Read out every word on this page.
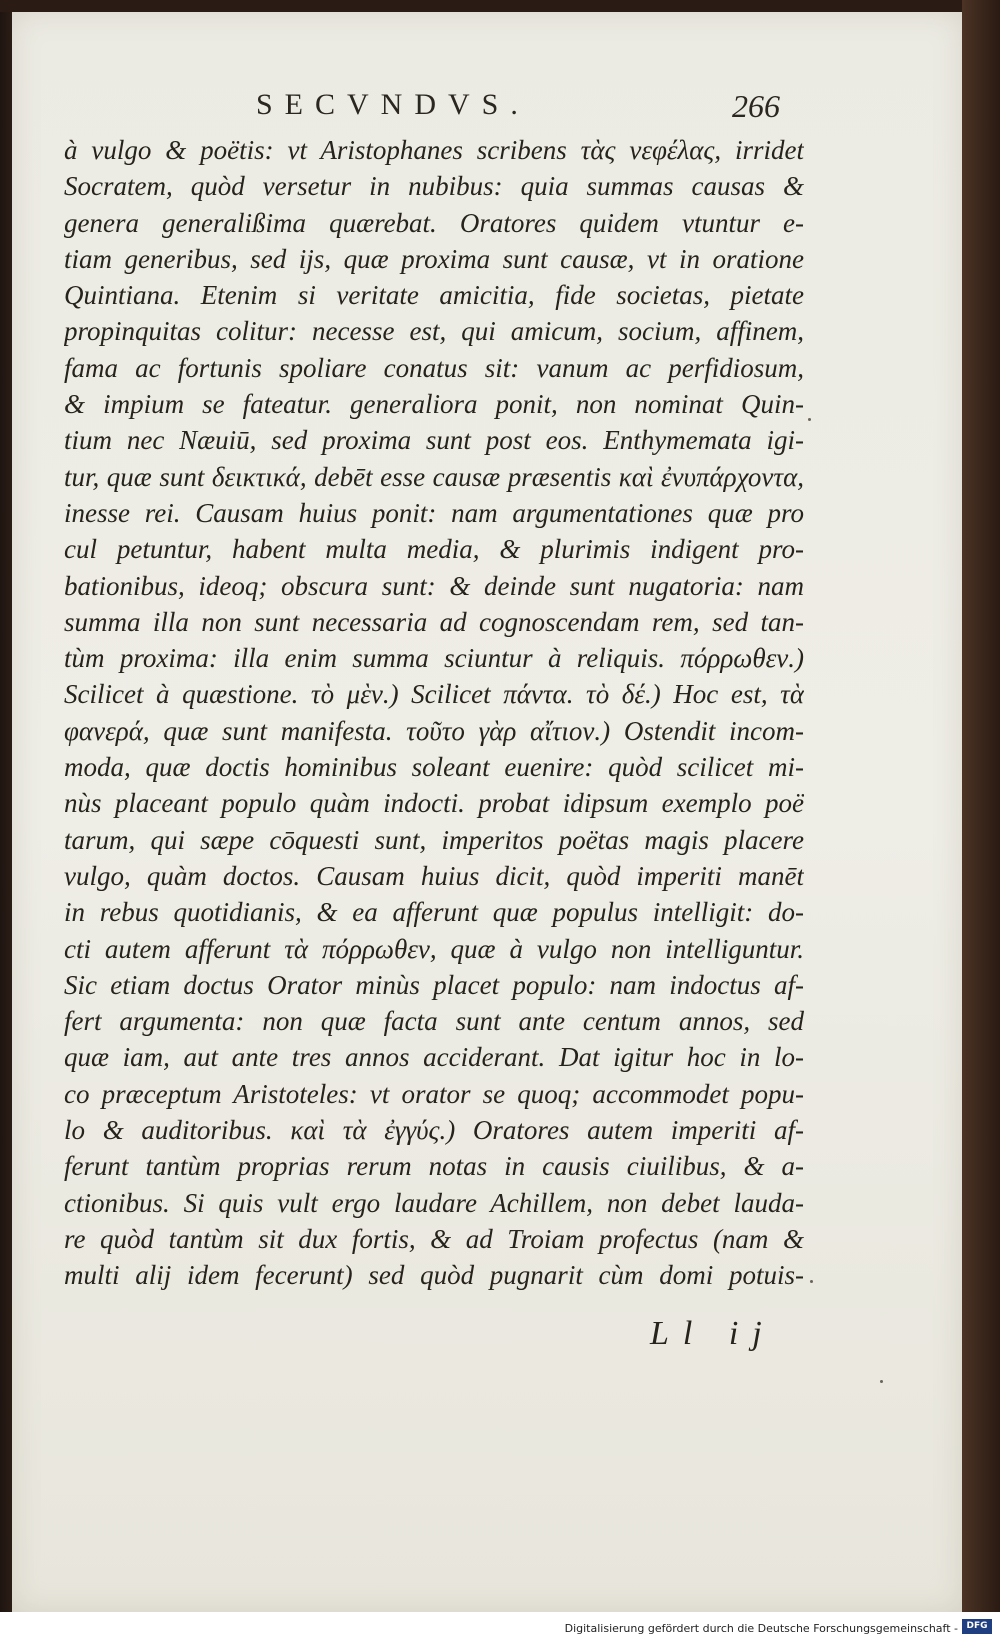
SECVNDVS.	266
à vulgo & poëtis: vt Aristophanes scribens τὰς νεφέλας, irridet
Socratem, quòd versetur in nubibus: quia summas causas &
genera generalißima quærebat. Oratores quidem vtuntur e-
tiam generibus, sed ijs, quæ proxima sunt causæ, vt in oratione
Quintiana. Etenim si veritate amicitia, fide societas, pietate
propinquitas colitur: necesse est, qui amicum, socium, affinem,
fama ac fortunis spoliare conatus sit: vanum ac perfidiosum,
& impium se fateatur. generaliora ponit, non nominat Quin-
tium nec Næuiū, sed proxima sunt post eos. Enthymemata igi-
tur, quæ sunt δεικτικά, debēt esse causæ præsentis καὶ ἐνυπάρχοντα,
inesse rei. Causam huius ponit: nam argumentationes quæ pro
cul petuntur, habent multa media, & plurimis indigent pro-
bationibus, ideoq; obscura sunt: & deinde sunt nugatoria: nam
summa illa non sunt necessaria ad cognoscendam rem, sed tan-
tùm proxima: illa enim summa sciuntur à reliquis. πόρρωθεν.)
Scilicet à quæstione. τὸ μὲν.) Scilicet πάντα. τὸ δέ.) Hoc est, τὰ
φανερά, quæ sunt manifesta. τοῦτο γὰρ αἴτιον.) Ostendit incom-
moda, quæ doctis hominibus soleant euenire: quòd scilicet mi-
nùs placeant populo quàm indocti. probat idipsum exemplo poë
tarum, qui sæpe cōquesti sunt, imperitos poëtas magis placere
vulgo, quàm doctos. Causam huius dicit, quòd imperiti manēt
in rebus quotidianis, & ea afferunt quæ populus intelligit: do-
cti autem afferunt τὰ πόρρωθεν, quæ à vulgo non intelliguntur.
Sic etiam doctus Orator minùs placet populo: nam indoctus af-
fert argumenta: non quæ facta sunt ante centum annos, sed
quæ iam, aut ante tres annos acciderant. Dat igitur hoc in lo-
co præceptum Aristoteles: vt orator se quoq; accommodet popu-
lo & auditoribus. καὶ τὰ ἐγγύς.) Oratores autem imperiti af-
ferunt tantùm proprias rerum notas in causis ciuilibus, & a-
ctionibus. Si quis vult ergo laudare Achillem, non debet lauda-
re quòd tantùm sit dux fortis, & ad Troiam profectus (nam &
multi alij idem fecerunt) sed quòd pugnarit cùm domi potuis-
Ll ij
Digitalisierung gefördert durch die Deutsche Forschungsgemeinschaft - DFG
